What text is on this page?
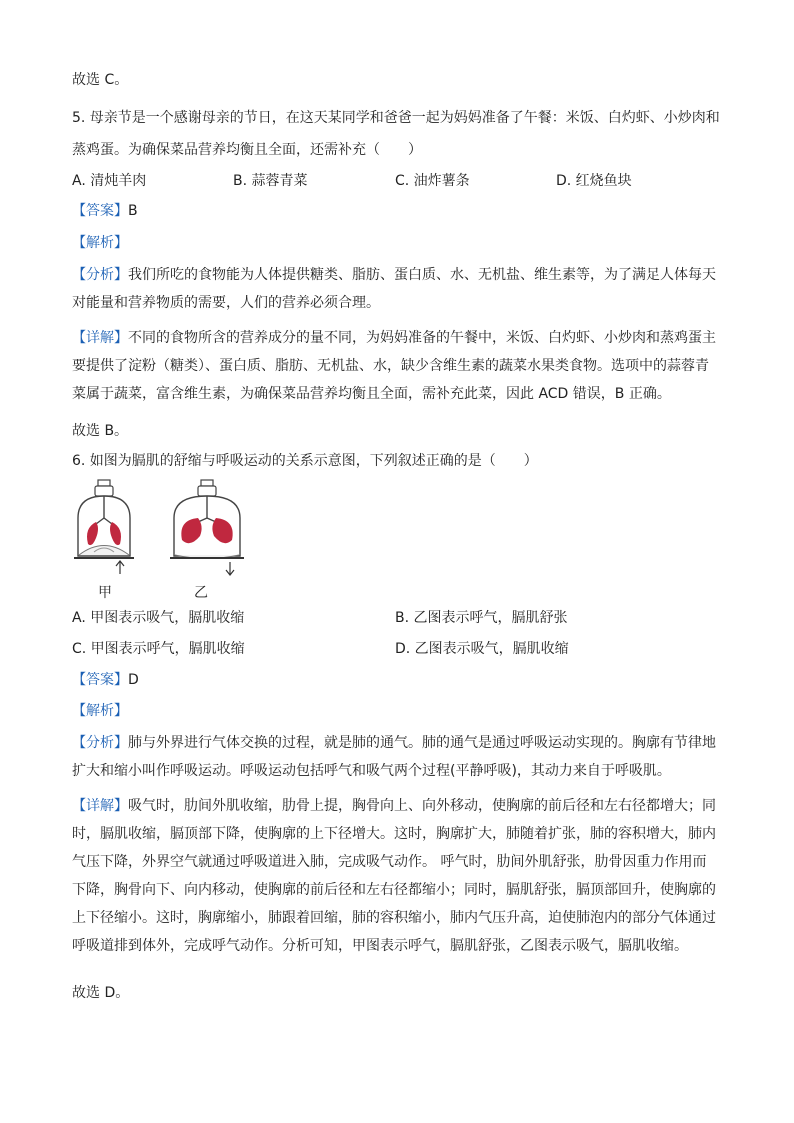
故选 C。
5. 母亲节是一个感谢母亲的节日，在这天某同学和爸爸一起为妈妈准备了午餐：米饭、白灼虾、小炒肉和
蒸鸡蛋。为确保菜品营养均衡且全面，还需补充（　　）
A. 清炖羊肉	B. 蒜蓉青菜	C. 油炸薯条	D. 红烧鱼块
【答案】B
【解析】

【分析】我们所吃的食物能为人体提供糖类、脂肪、蛋白质、水、无机盐、维生素等，为了满足人体每天

对能量和营养物质的需要，人们的营养必须合理。

【详解】不同的食物所含的营养成分的量不同，为妈妈准备的午餐中，米饭、白灼虾、小炒肉和蒸鸡蛋主

要提供了淀粉（糖类）、蛋白质、脂肪、无机盐、水，缺少含维生素的蔬菜水果类食物。选项中的蒜蓉青

菜属于蔬菜，富含维生素，为确保菜品营养均衡且全面，需补充此菜，因此 ACD 错误，B 正确。

故选 B。
6. 如图为膈肌的舒缩与呼吸运动的关系示意图，下列叙述正确的是（　　）
甲	乙
A. 甲图表示吸气，膈肌收缩	B. 乙图表示呼气，膈肌舒张
C. 甲图表示呼气，膈肌收缩	D. 乙图表示吸气，膈肌收缩
【答案】D
【解析】

【分析】肺与外界进行气体交换的过程，就是肺的通气。肺的通气是通过呼吸运动实现的。胸廓有节律地

扩大和缩小叫作呼吸运动。呼吸运动包括呼气和吸气两个过程(平静呼吸)，其动力来自于呼吸肌。

【详解】吸气时，肋间外肌收缩，肋骨上提，胸骨向上、向外移动，使胸廓的前后径和左右径都增大；同

时，膈肌收缩，膈顶部下降，使胸廓的上下径增大。这时，胸廓扩大，肺随着扩张，肺的容积增大，肺内

气压下降，外界空气就通过呼吸道进入肺，完成吸气动作。 呼气时，肋间外肌舒张，肋骨因重力作用而

下降，胸骨向下、向内移动，使胸廓的前后径和左右径都缩小；同时，膈肌舒张，膈顶部回升，使胸廓的

上下径缩小。这时，胸廓缩小，肺跟着回缩，肺的容积缩小，肺内气压升高，迫使肺泡内的部分气体通过

呼吸道排到体外，完成呼气动作。分析可知，甲图表示呼气，膈肌舒张，乙图表示吸气，膈肌收缩。

故选 D。
